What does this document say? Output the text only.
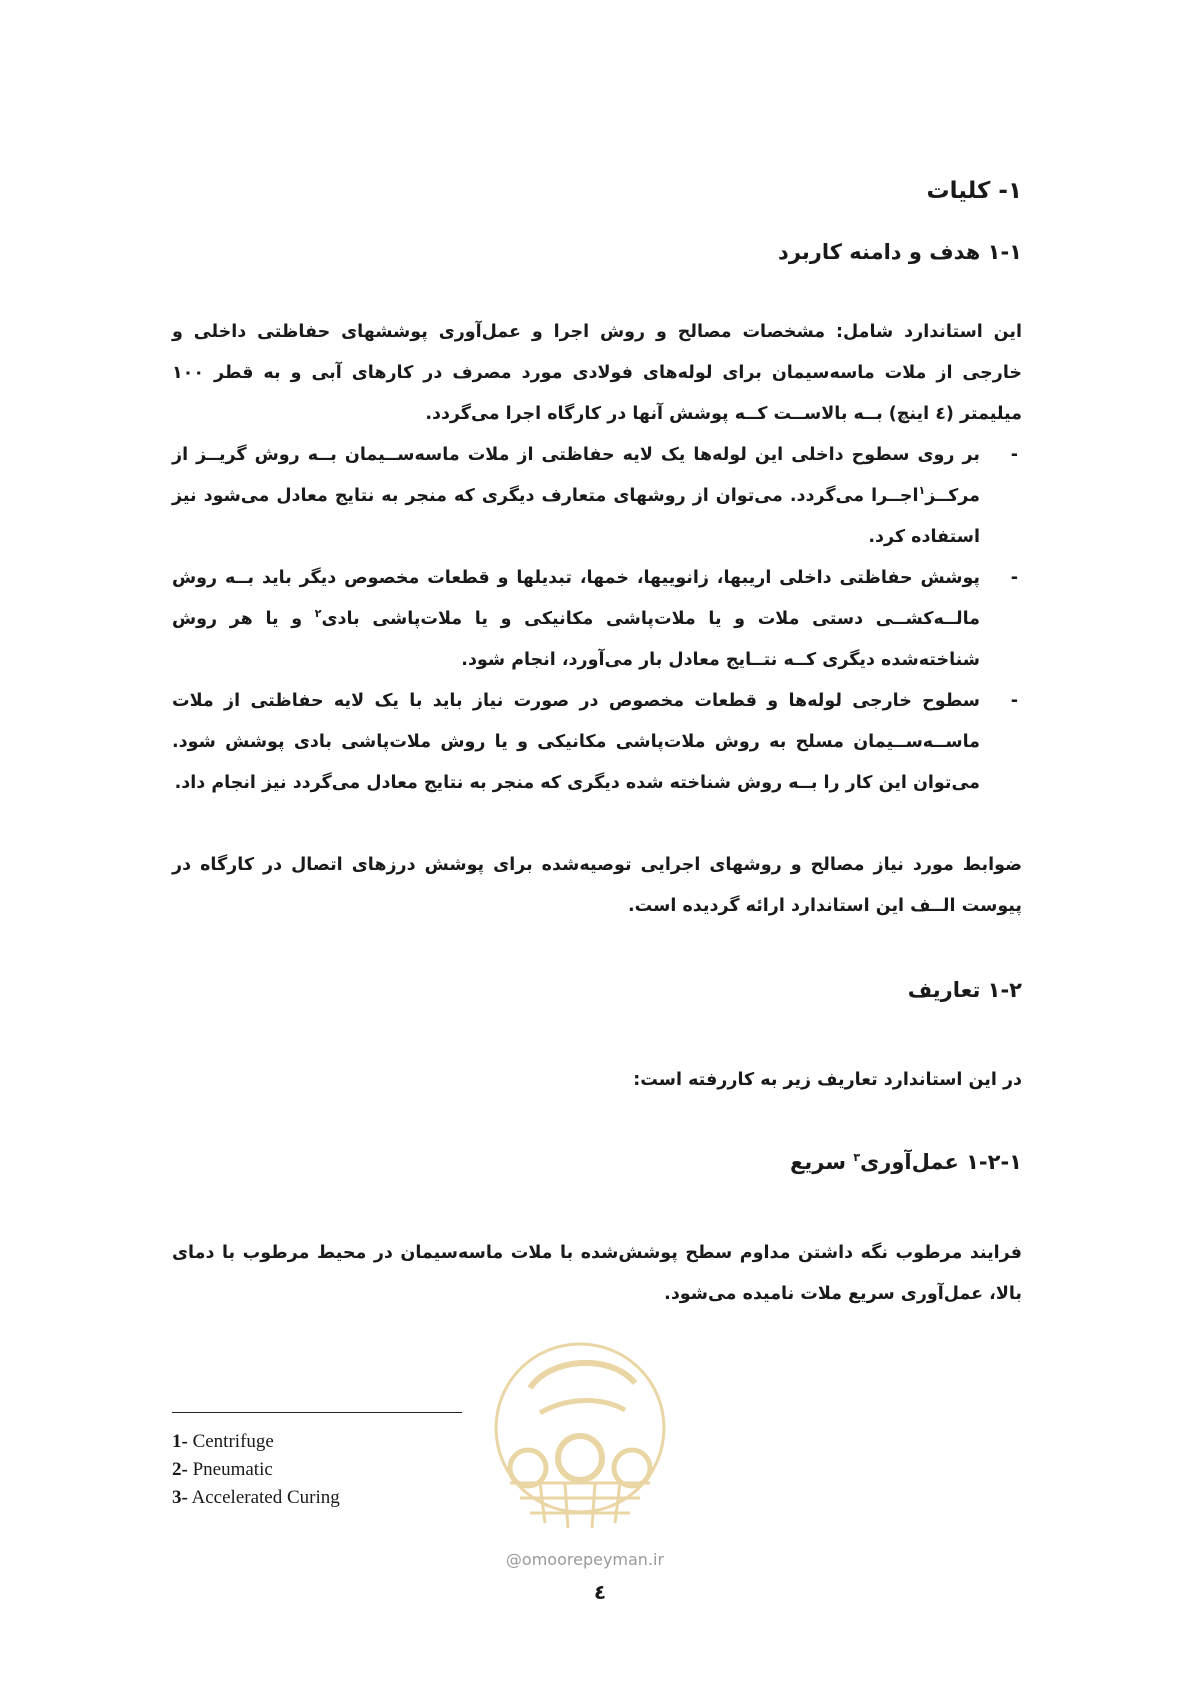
۱- کلیات
۱-۱ هدف و دامنه کاربرد
این استاندارد شامل: مشخصات مصالح و روش اجرا و عمل‌آوری پوششهای حفاظتی داخلی و خارجی از ملات ماسه‌سیمان برای لوله‌های فولادی مورد مصرف در کارهای آبی و به قطر ۱۰۰ میلیمتر (٤ اینچ) بــه بالاســت کــه پوشش آنها در کارگاه اجرا می‌گردد.
-
بر روی سطوح داخلی این لوله‌ها یک لایه حفاظتی از ملات ماسه‌ســیمان بــه روش گریــز از مرکــز$^۱$اجــرا می‌گردد. می‌توان از روشهای متعارف دیگری که منجر به نتایج معادل می‌شود نیز استفاده کرد.
-
پوشش حفاظتی داخلی اریبها، زانوییها، خمها، تبدیلها و قطعات مخصوص دیگر باید بــه روش مالــه‌کشــی دستی ملات و یا ملات‌پاشی مکانیکی و یا ملات‌پاشی بادی$^۲$ و یا هر روش شناخته‌شده دیگری کــه نتــایج معادل بار می‌آورد، انجام شود.
-
سطوح خارجی لوله‌ها و قطعات مخصوص در صورت نیاز باید با یک لایه حفاظتی از ملات ماســه‌ســیمان مسلح به روش ملات‌پاشی مکانیکی و یا روش ملات‌پاشی بادی پوشش شود. می‌توان این کار را بــه روش شناخته شده دیگری که منجر به نتایج معادل می‌گردد نیز انجام داد.
ضوابط مورد نیاز مصالح و روشهای اجرایی توصیه‌شده برای پوشش درزهای اتصال در کارگاه در پیوست الــف این استاندارد ارائه گردیده است.
۱-۲ تعاریف
در این استاندارد تعاریف زیر به کاررفته است:
۱-۲-۱ عمل‌آوری$^۳$ سریع
فرایند مرطوب نگه داشتن مداوم سطح پوشش‌شده با ملات ماسه‌سیمان در محیط مرطوب با دمای بالا، عمل‌آوری سریع ملات نامیده می‌شود.
1- Centrifuge
2- Pneumatic
3- Accelerated Curing
@omoorepeyman.ir
٤
